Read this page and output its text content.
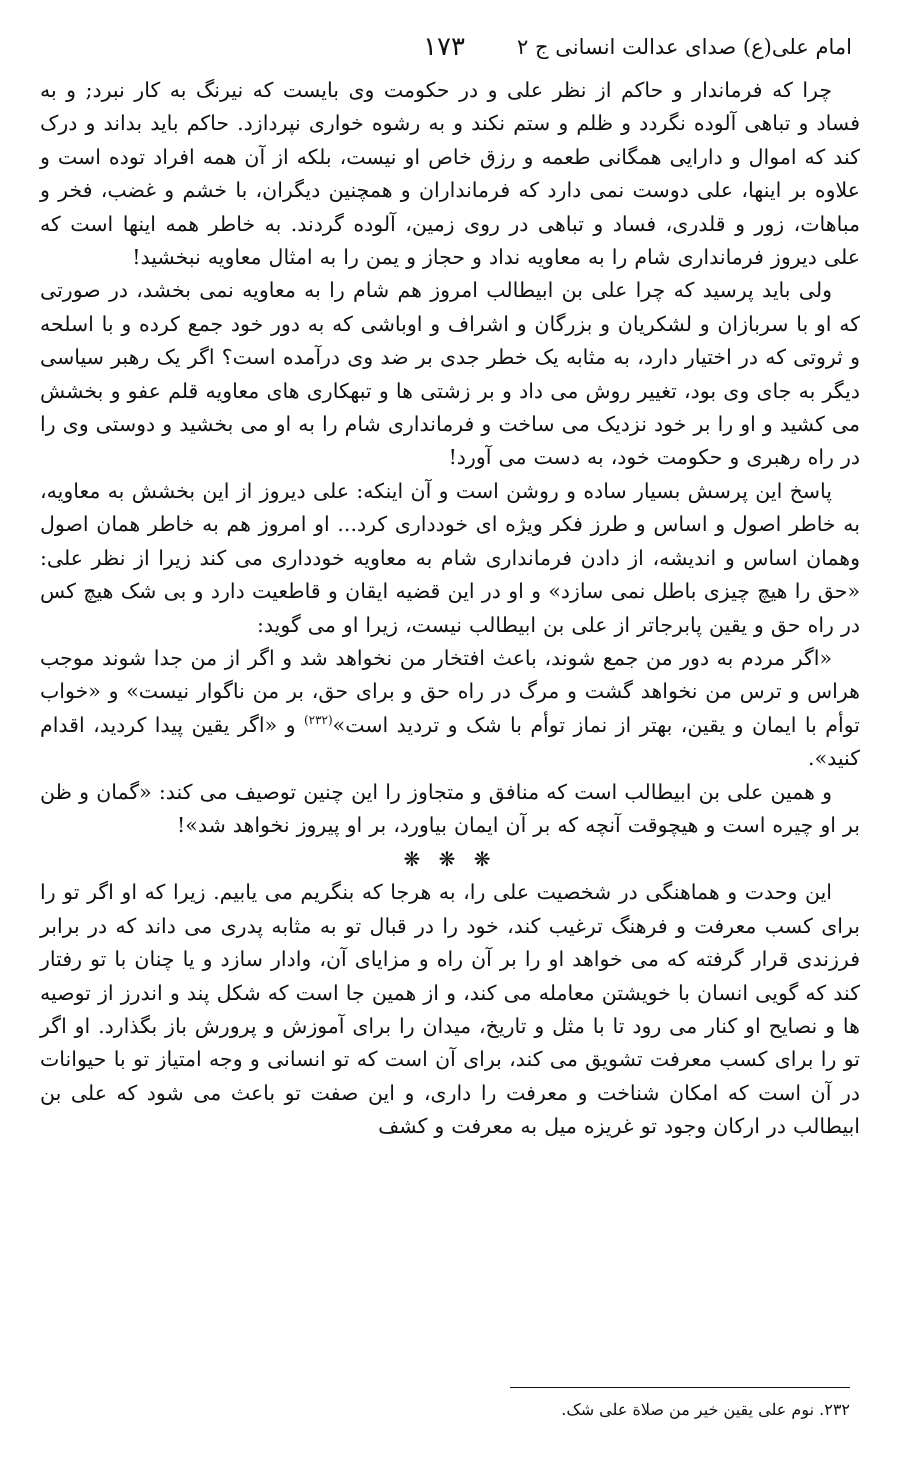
امام علی(ع) صدای عدالت انسانی ج ٢
١٧٣

چرا که فرماندار و حاکم از نظر علی و در حکومت وی بایست که نیرنگ به کار نبرد; و به فساد و تباهی آلوده نگردد و ظلم و ستم نکند و به رشوه خواری نپردازد. حاکم باید بداند و درک کند که اموال و دارایی همگانی طعمه و رزق خاص او نیست، بلکه از آن همه افراد توده است و علاوه بر اینها، علی دوست نمی دارد که فرمانداران و همچنین دیگران، با خشم و غضب، فخر و مباهات، زور و قلدری، فساد و تباهی در روی زمین، آلوده گردند. به خاطر همه اینها است که علی دیروز فرمانداری شام را به معاویه نداد و حجاز و یمن را به امثال معاویه نبخشید!

ولی باید پرسید که چرا علی بن ابیطالب امروز هم شام را به معاویه نمی بخشد، در صورتی که او با سربازان و لشکریان و بزرگان و اشراف و اوباشی که به دور خود جمع کرده و با اسلحه و ثروتی که در اختیار دارد، به مثابه یک خطر جدی بر ضد وی درآمده است؟ اگر یک رهبر سیاسی دیگر به جای وی بود، تغییر روش می داد و بر زشتی ها و تبهکاری های معاویه قلم عفو و بخشش می کشید و او را بر خود نزدیک می ساخت و فرمانداری شام را به او می بخشید و دوستی وی را در راه رهبری و حکومت خود، به دست می آورد!

پاسخ این پرسش بسیار ساده و روشن است و آن اینکه: علی دیروز از این بخشش به معاویه، به خاطر اصول و اساس و طرز فکر ویژه ای خودداری کرد... او امروز هم به خاطر همان اصول وهمان اساس و اندیشه، از دادن فرمانداری شام به معاویه خودداری می کند زیرا از نظر علی: «حق را هیچ چیزی باطل نمی سازد» و او در این قضیه ایقان و قاطعیت دارد و بی شک هیچ کس در راه حق و یقین پابرجاتر از علی بن ابیطالب نیست، زیرا او می گوید:

«اگر مردم به دور من جمع شوند، باعث افتخار من نخواهد شد و اگر از من جدا شوند موجب هراس و ترس من نخواهد گشت و مرگ در راه حق و برای حق، بر من ناگوار نیست» و «خواب توأم با ایمان و یقین، بهتر از نماز توأم با شک و تردید است»$^{(٢٣٢)}$ و «اگر یقین پیدا کردید، اقدام کنید».

و همین علی بن ابیطالب است که منافق و متجاوز را این چنین توصیف می کند: «گمان و ظن بر او چیره است و هیچوقت آنچه که بر آن ایمان بیاورد، بر او پیروز نخواهد شد»!

❋ ❋ ❋

این وحدت و هماهنگی در شخصیت علی را، به هرجا که بنگریم می یابیم. زیرا که او اگر تو را برای کسب معرفت و فرهنگ ترغیب کند، خود را در قبال تو به مثابه پدری می داند که در برابر فرزندی قرار گرفته که می خواهد او را بر آن راه و مزایای آن، وادار سازد و یا چنان با تو رفتار کند که گویی انسان با خویشتن معامله می کند، و از همین جا است که شکل پند و اندرز از توصیه ها و نصایح او کنار می رود تا با مثل و تاریخ، میدان را برای آموزش و پرورش باز بگذارد. او اگر تو را برای کسب معرفت تشویق می کند، برای آن است که تو انسانی و وجه امتیاز تو با حیوانات در آن است که امکان شناخت و معرفت را داری، و این صفت تو باعث می شود که علی بن ابیطالب در ارکان وجود تو غریزه میل به معرفت و کشف

٢٣٢. نوم علی یقین خیر من صلاة علی شک.
